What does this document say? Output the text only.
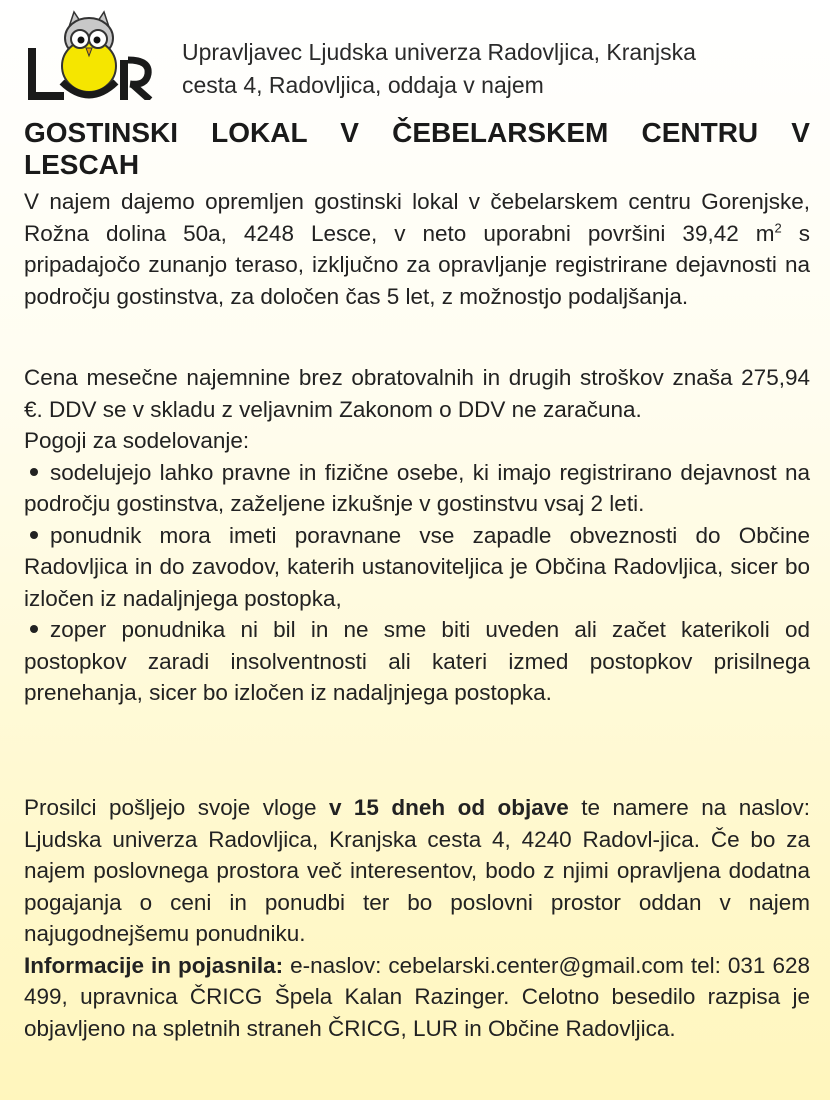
Upravljavec Ljudska univerza Radovljica, Kranjska
cesta 4, Radovljica, oddaja v najem
GOSTINSKI LOKAL V ČEBELARSKEM CENTRU V
LESCAH

V najem dajemo opremljen gostinski lokal v čebelarskem centru Gorenjske, Rožna dolina 50a, 4248 Lesce, v neto uporabni površini 39,42 $m^2$ s pripadajočo zunanjo teraso, izključno za opravljanje registrirane dejavnosti na področju gostinstva, za določen čas 5 let, z možnostjo podaljšanja.

Cena mesečne najemnine brez obratovalnih in drugih stroškov znaša 275,94 €. DDV se v skladu z veljavnim Zakonom o DDV ne zaračuna.

Pogoji za sodelovanje:

sodelujejo lahko pravne in fizične osebe, ki imajo registrirano dejavnost na področju gostinstva, zaželjene izkušnje v gostinstvu vsaj 2 leti.

ponudnik mora imeti poravnane vse zapadle obveznosti do Občine Radovljica in do zavodov, katerih ustanoviteljica je Občina Radovljica, sicer bo izločen iz nadaljnjega postopka,

zoper ponudnika ni bil in ne sme biti uveden ali začet katerikoli od postopkov zaradi insolventnosti ali kateri izmed postopkov prisilnega prenehanja, sicer bo izločen iz nadaljnjega postopka.

Prosilci pošljejo svoje vloge v 15 dneh od objave te namere na naslov: Ljudska univerza Radovljica, Kranjska cesta 4, 4240 Radovl-jica. Če bo za najem poslovnega prostora več interesentov, bodo z njimi opravljena dodatna pogajanja o ceni in ponudbi ter bo poslovni prostor oddan v najem najugodnejšemu ponudniku.

Informacije in pojasnila: e-naslov: cebelarski.center@gmail.com tel: 031 628 499, upravnica ČRICG Špela Kalan Razinger. Celotno besedilo razpisa je objavljeno na spletnih straneh ČRICG, LUR in Občine Radovljica.
